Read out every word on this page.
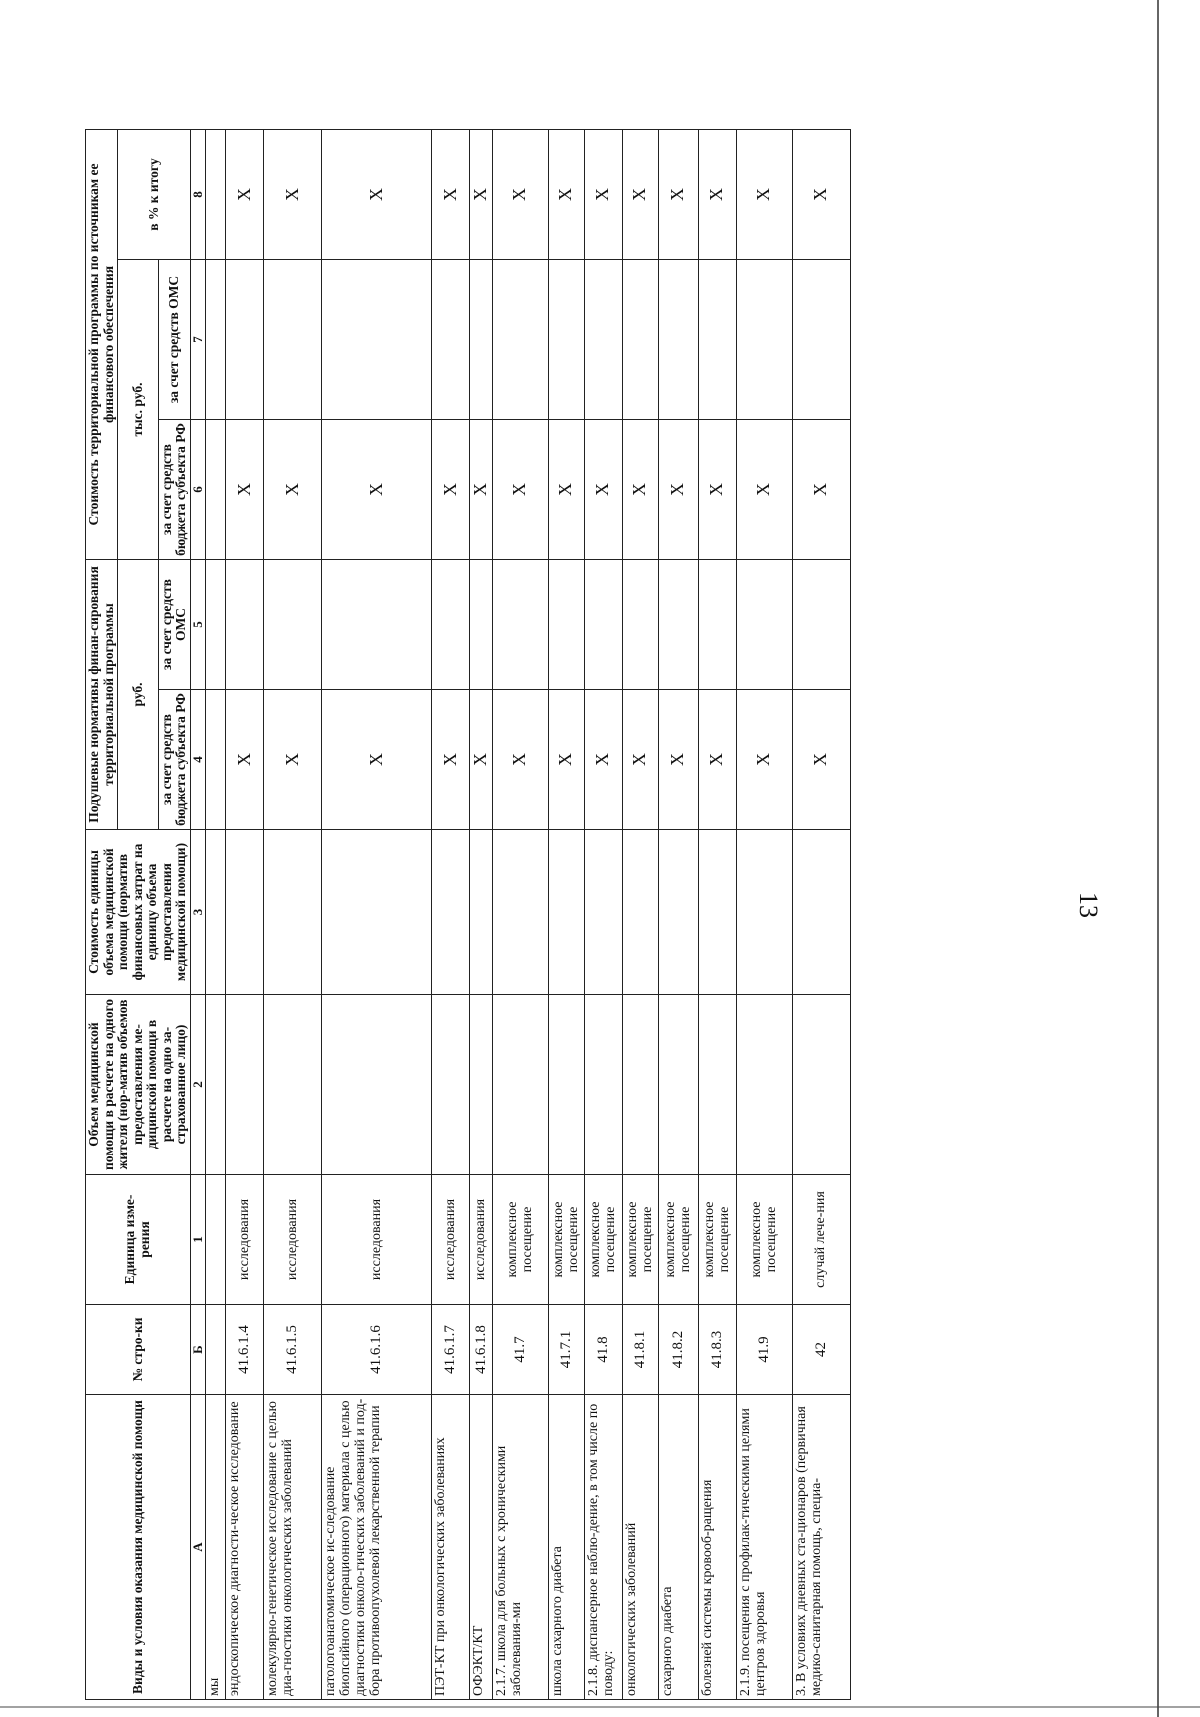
13
Виды и условия оказания медицинской помощи	№ стро-ки	Единица изме-рения	Объем медицинской помощи в расчете на одного жителя (нор-матив объемов предоставления ме-дицинской помощи в расчете на одно за-страхованное лицо)	Стоимость единицы объема медицинской помощи (норматив финансовых затрат на единицу объема предоставления медицинской помощи)	Подушевые нормативы финан-сирования территориальной программы		Стоимость территориальной программы по источникам ее финансового обеспечения		
					руб.		тыс. руб.		в % к итогу
					за счет средств бюджета субъекта РФ	за счет средств ОМС	за счет средств бюджета субъекта РФ	за счет средств ОМС	
А	Б	1	2	3	4	5	6	7	8
мы									
эндоскопическое диагности-ческое исследование	41.6.1.4	исследования			Х		Х		Х
молекулярно-генетическое исследование с целью диа-гностики онкологических заболеваний	41.6.1.5	исследования			Х		Х		Х
патологоанатомическое ис-следование биопсийного (операционного) материала с целью диагностики онколо-гических заболеваний и под-бора противоопухолевой лекарственной терапии	41.6.1.6	исследования			Х		Х		Х
ПЭТ-КТ при онкологических заболеваниях	41.6.1.7	исследования			Х		Х		Х
ОФЭКТ/КТ	41.6.1.8	исследования			Х		Х		Х
2.1.7. школа для больных с хроническими заболевания-ми	41.7	комплексное посещение			Х		Х		Х
школа сахарного диабета	41.7.1	комплексное посещение			Х		Х		Х
2.1.8. диспансерное наблю-дение, в том числе по поводу:	41.8	комплексное посещение			Х		Х		Х
онкологических заболеваний	41.8.1	комплексное посещение			Х		Х		Х
сахарного диабета	41.8.2	комплексное посещение			Х		Х		Х
болезней системы кровооб-ращения	41.8.3	комплексное посещение			Х		Х		Х
2.1.9. посещения с профилак-тическими целями центров здоровья	41.9	комплексное посещение			Х		Х		Х
3. В условиях дневных ста-ционаров (первичная медико-санитарная помощь, специа-	42	случай лече-ния			Х		Х		Х
